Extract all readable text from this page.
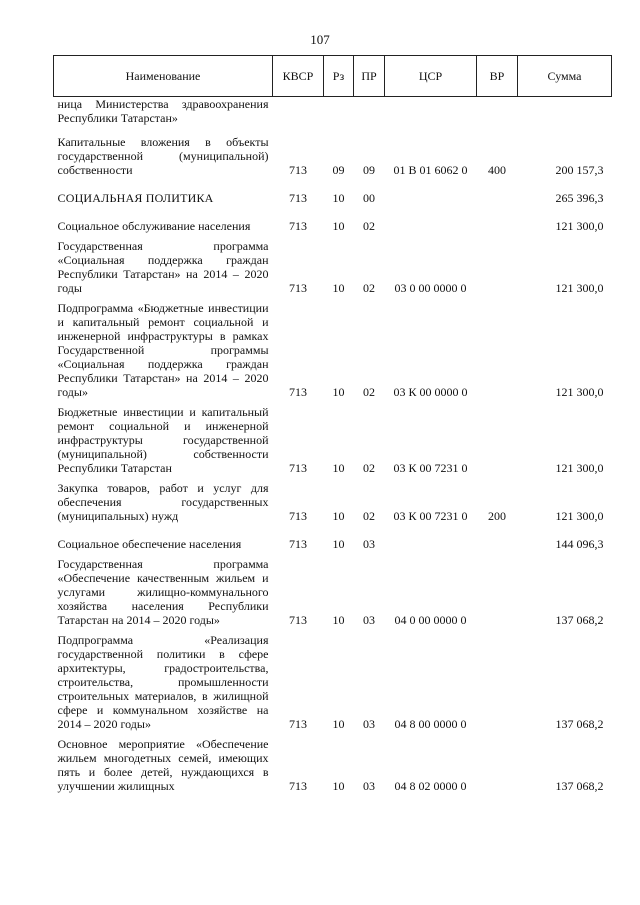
107
Наименование	КВСР	Рз	ПР	ЦСР	ВР	Сумма
ница Министерства здравоохранения Республики Татарстан»						
Капитальные вложения в объекты государственной (муниципальной) собственности	713	09	09	01 В 01 6062 0	400	200 157,3
СОЦИАЛЬНАЯ ПОЛИТИКА	713	10	00			265 396,3
Социальное обслуживание населения	713	10	02			121 300,0
Государственная программа «Социальная поддержка граждан Республики Татарстан» на 2014 – 2020 годы	713	10	02	03 0 00 0000 0		121 300,0
Подпрограмма «Бюджетные инвестиции и капитальный ремонт социальной и инженерной инфраструктуры в рамках Государственной программы «Социальная поддержка граждан Республики Татарстан» на 2014 – 2020 годы»	713	10	02	03 К 00 0000 0		121 300,0
Бюджетные инвестиции и капитальный ремонт социальной и инженерной инфраструктуры государственной (муниципальной) собственности Республики Татарстан	713	10	02	03 К 00 7231 0		121 300,0
Закупка товаров, работ и услуг для обеспечения государственных (муниципальных) нужд	713	10	02	03 К 00 7231 0	200	121 300,0
Социальное обеспечение населения	713	10	03			144 096,3
Государственная программа «Обеспечение качественным жильем и услугами жилищно-коммунального хозяйства населения Республики Татарстан на 2014 – 2020 годы»	713	10	03	04 0 00 0000 0		137 068,2
Подпрограмма «Реализация государственной политики в сфере архитектуры, градостроительства, строительства, промышленности строительных материалов, в жилищной сфере и коммунальном хозяйстве на 2014 – 2020 годы»	713	10	03	04 8 00 0000 0		137 068,2
Основное мероприятие «Обеспечение жильем многодетных семей, имеющих пять и более детей, нуждающихся в улучшении жилищных	713	10	03	04 8 02 0000 0		137 068,2
